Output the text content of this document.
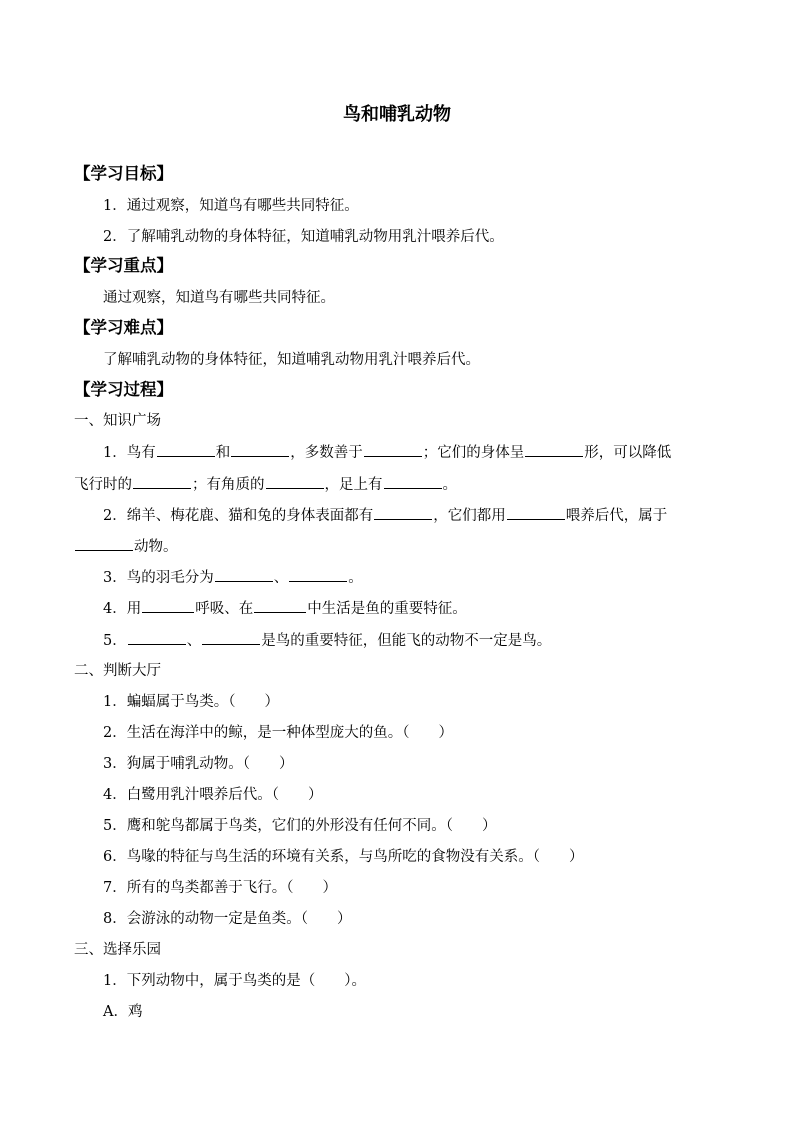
鸟和哺乳动物
【学习目标】
1．通过观察，知道鸟有哪些共同特征。
2．了解哺乳动物的身体特征，知道哺乳动物用乳汁喂养后代。
【学习重点】
通过观察，知道鸟有哪些共同特征。
【学习难点】
了解哺乳动物的身体特征，知道哺乳动物用乳汁喂养后代。
【学习过程】
一、知识广场
1．鸟有	和	，多数善于	；它们的身体呈	形，可以降低
飞行时的	；有角质的	，足上有	。
2．绵羊、梅花鹿、猫和兔的身体表面都有	，它们都用	喂养后代，属于
动物。
3．鸟的羽毛分为	、	。
4．用	呼吸、在	中生活是鱼的重要特征。
5．	、	是鸟的重要特征，但能飞的动物不一定是鸟。
二、判断大厅
1．蝙蝠属于鸟类。（　　）
2．生活在海洋中的鲸，是一种体型庞大的鱼。（　　）
3．狗属于哺乳动物。（　　）
4．白鹭用乳汁喂养后代。（　　）
5．鹰和鸵鸟都属于鸟类，它们的外形没有任何不同。（　　）
6．鸟喙的特征与鸟生活的环境有关系，与鸟所吃的食物没有关系。（　　）
7．所有的鸟类都善于飞行。（　　）
8．会游泳的动物一定是鱼类。（　　）
三、选择乐园
1．下列动物中，属于鸟类的是（　　）。
A．鸡
